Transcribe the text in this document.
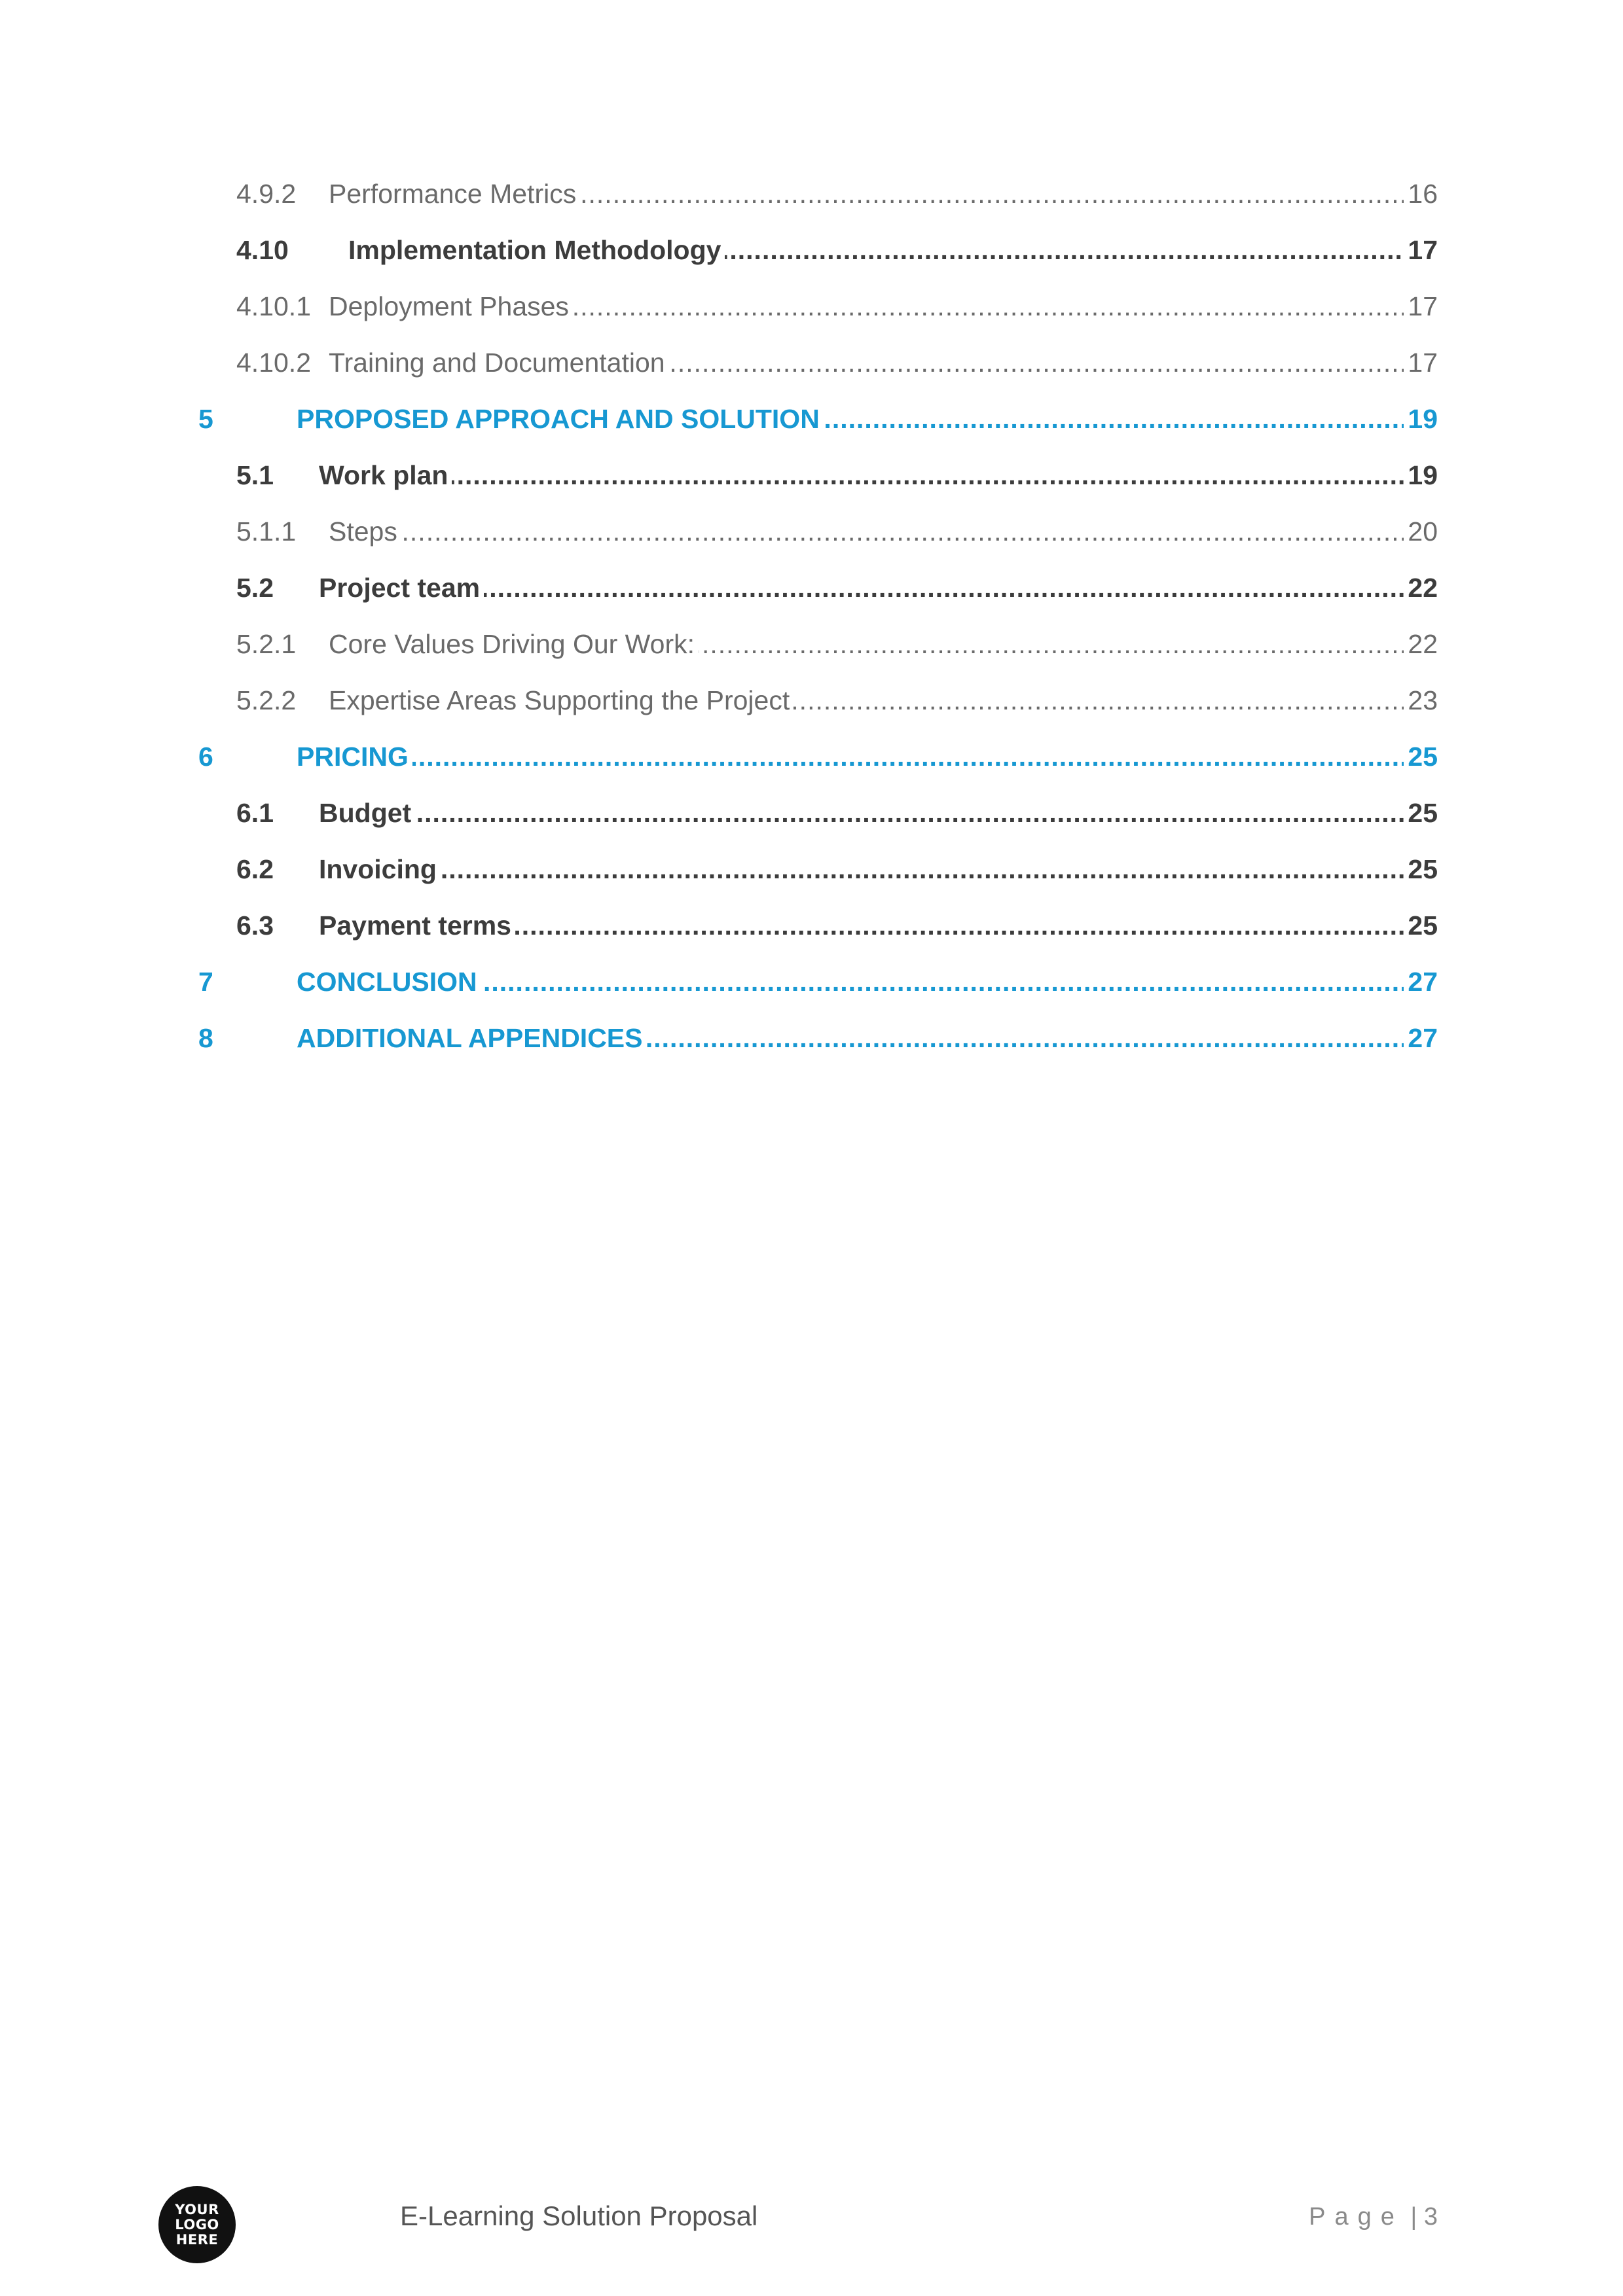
.....
4.9.2 Performance Metrics	16
.....
4.10 Implementation Methodology	17
.....
4.10.1 Deployment Phases	17
.....
4.10.2 Training and Documentation	17
.....
5	PROPOSED APPROACH AND SOLUTION	19
.....
5.1 Work plan	19
.....
5.1.1 Steps	20
.....
5.2 Project team	22
.....
5.2.1 Core Values Driving Our Work:	22
.....
5.2.2 Expertise Areas Supporting the Project	23
.....
6	PRICING	25
.....
6.1 Budget	25
.....
6.2 Invoicing	25
.....
6.3 Payment terms	25
.....
7	CONCLUSION	27
.....
8	ADDITIONAL APPENDICES	27
YOUR
LOGO
HERE
E-Learning Solution Proposal	Page | 3
